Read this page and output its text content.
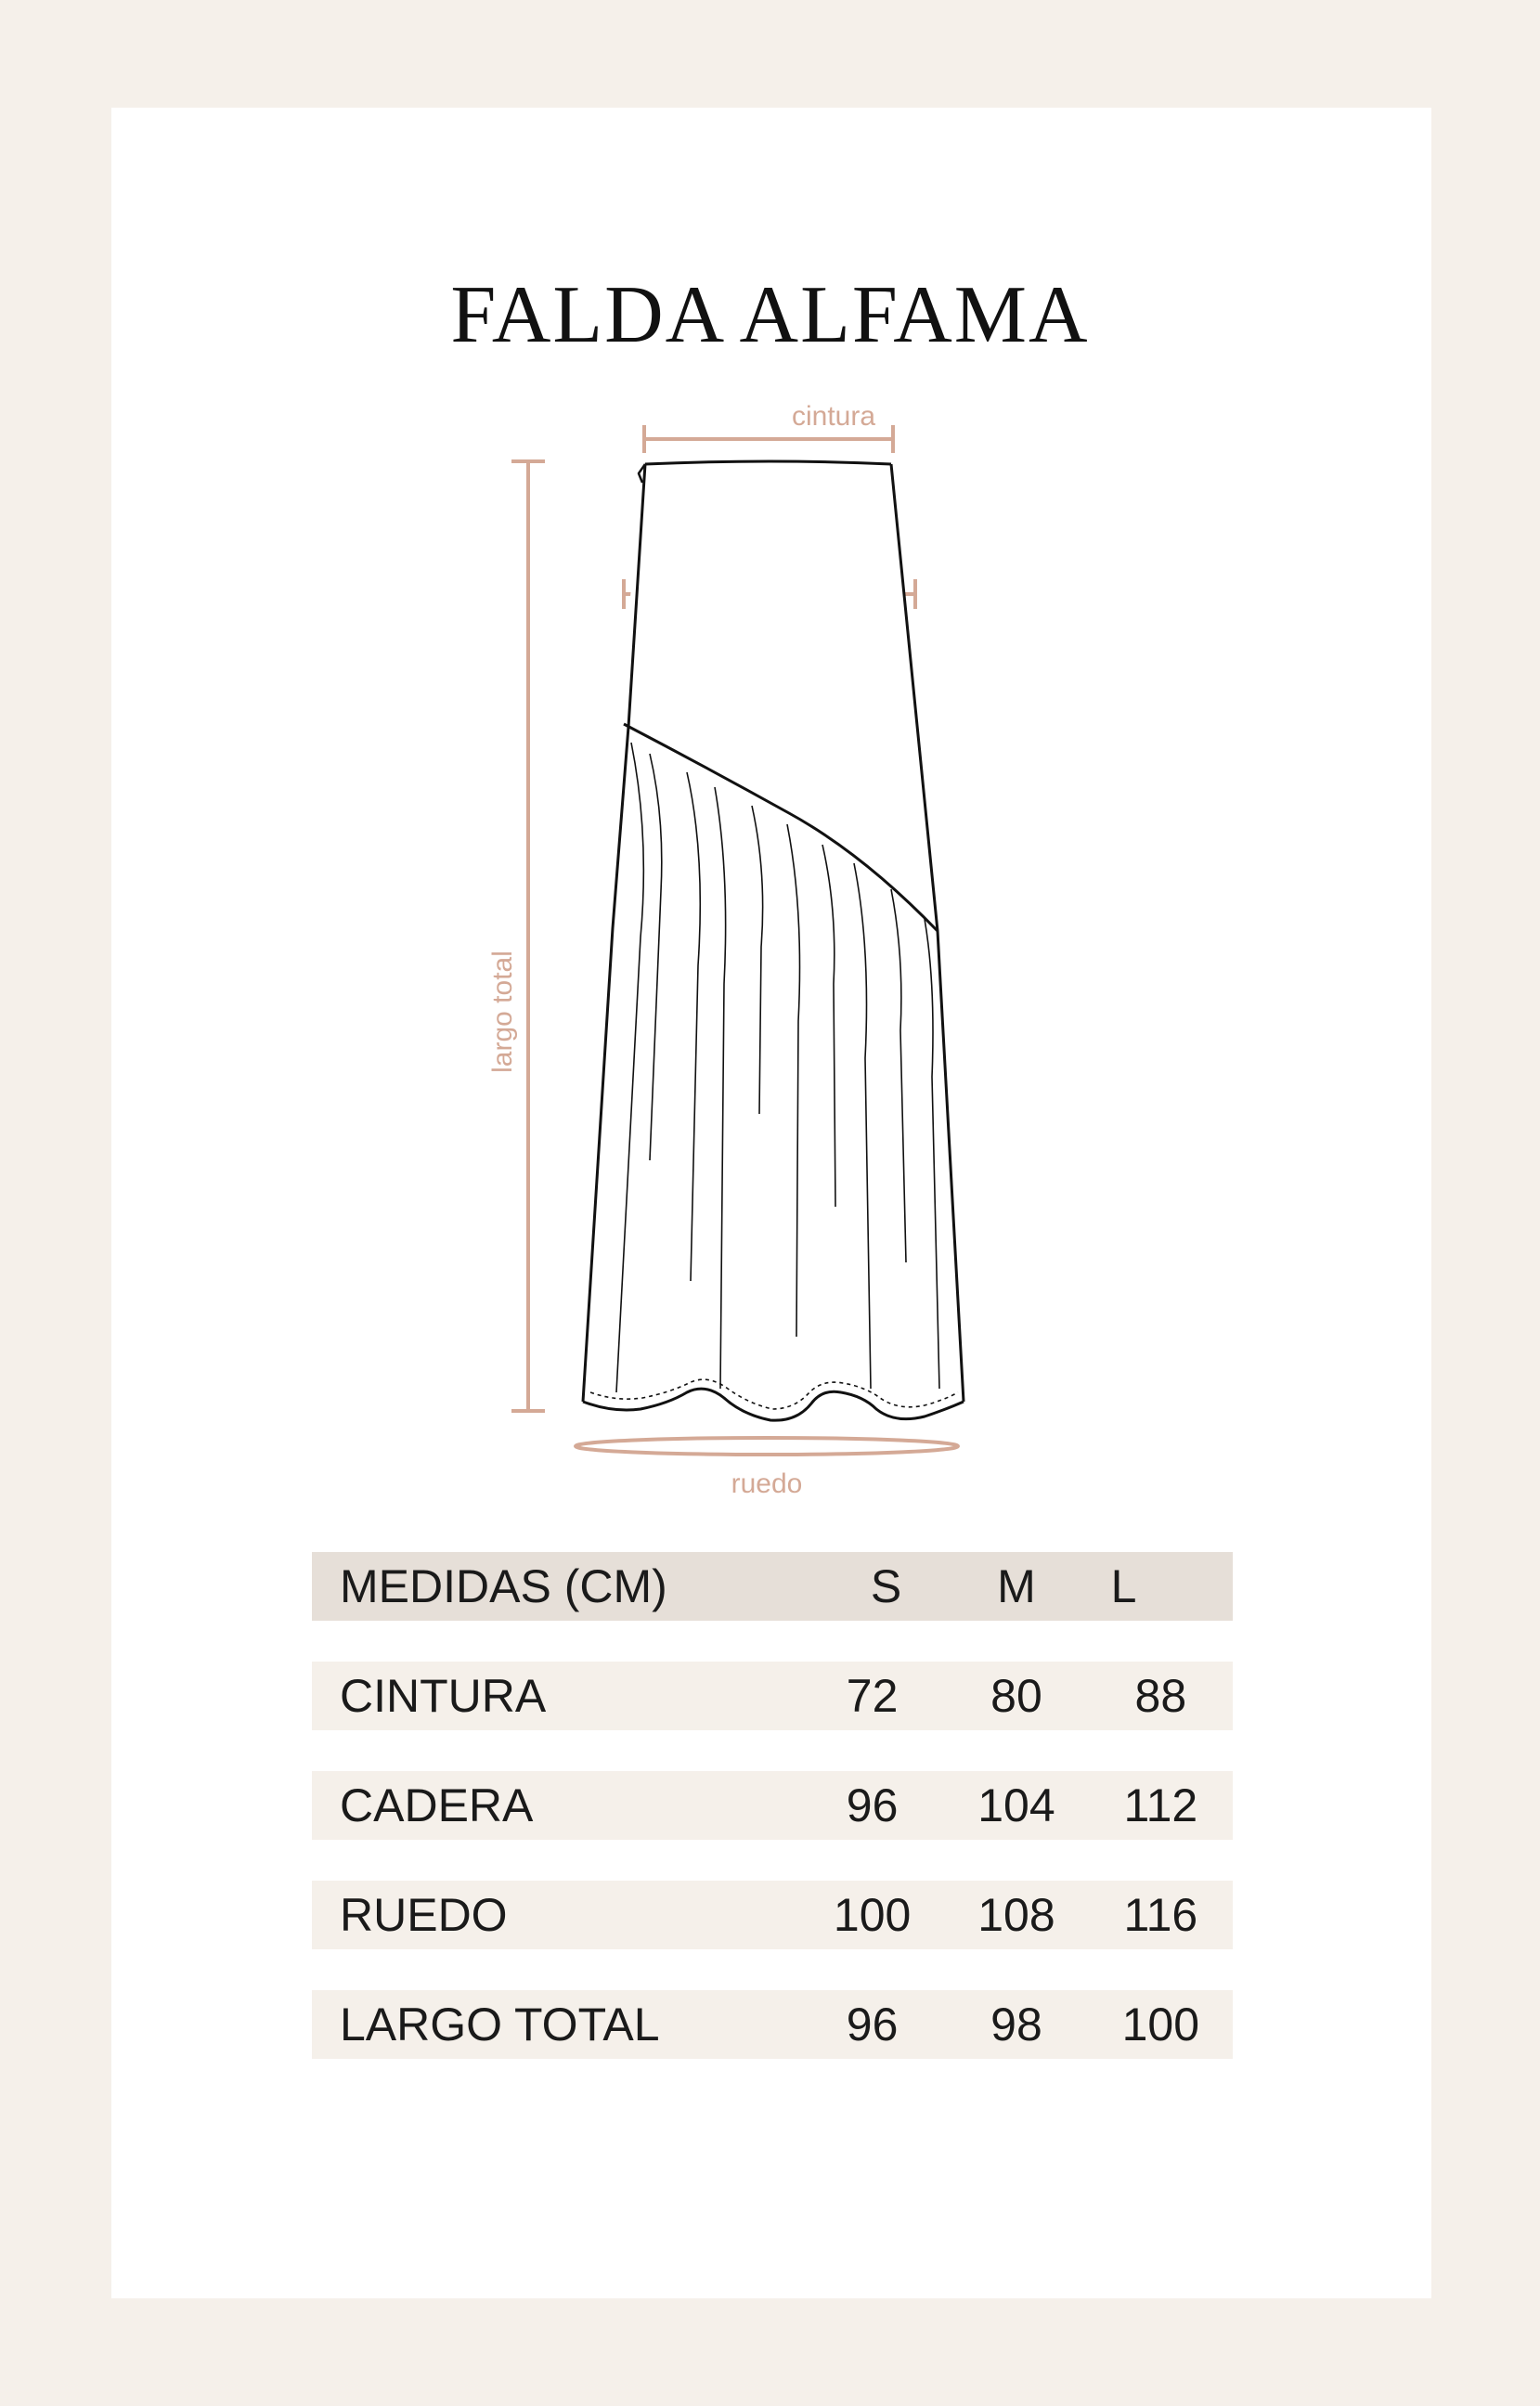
FALDA ALFAMA
largo total
cintura
ruedo
MEDIDAS (CM)	S	M	L
CINTURA	72	80	88
CADERA	96	104	112
RUEDO	100	108	116
LARGO TOTAL	96	98	100
